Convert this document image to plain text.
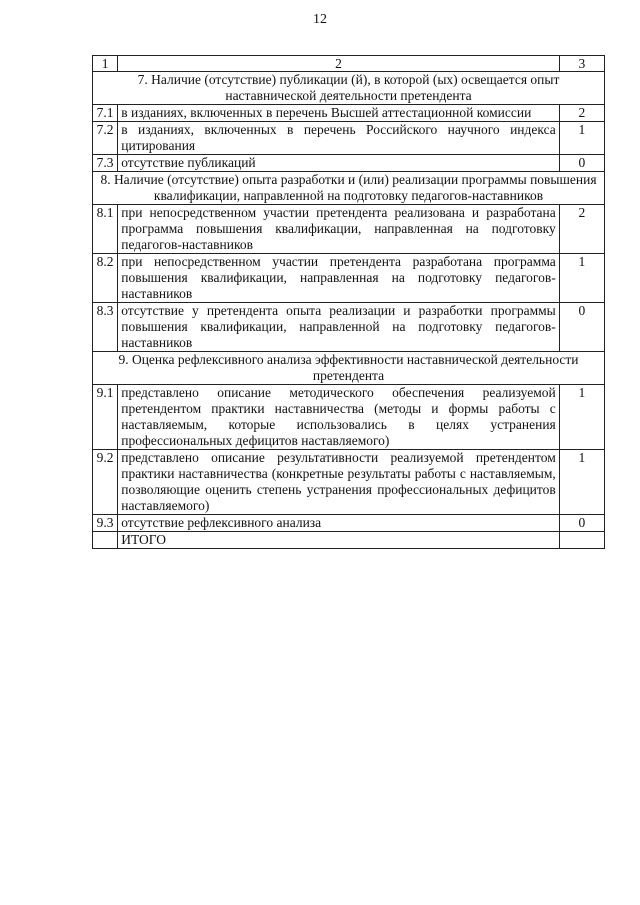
12
1	2	3
7. Наличие (отсутствие) публикации (й), в которой (ых) освещается опыт наставнической деятельности претендента		
7.1	в изданиях, включенных в перечень Высшей аттестационной комиссии	2
7.2	в изданиях, включенных в перечень Российского научного индекса цитирования	1
7.3	отсутствие публикаций	0
8. Наличие (отсутствие) опыта разработки и (или) реализации программы повышения квалификации, направленной на подготовку педагогов-наставников		
8.1	при непосредственном участии претендента реализована и разработана программа повышения квалификации, направленная на подготовку педагогов-наставников	2
8.2	при непосредственном участии претендента разработана программа повышения квалификации, направленная на подготовку педагогов-наставников	1
8.3	отсутствие у претендента опыта реализации и разработки программы повышения квалификации, направленной на подготовку педагогов-наставников	0
9. Оценка рефлексивного анализа эффективности наставнической деятельности претендента		
9.1	представлено описание методического обеспечения реализуемой претендентом практики наставничества (методы и формы работы с наставляемым, которые использовались в целях устранения профессиональных дефицитов наставляемого)	1
9.2	представлено описание результативности реализуемой претендентом практики наставничества (конкретные результаты работы с наставляемым, позволяющие оценить степень устранения профессиональных дефицитов наставляемого)	1
9.3	отсутствие рефлексивного анализа	0
	ИТОГО	
